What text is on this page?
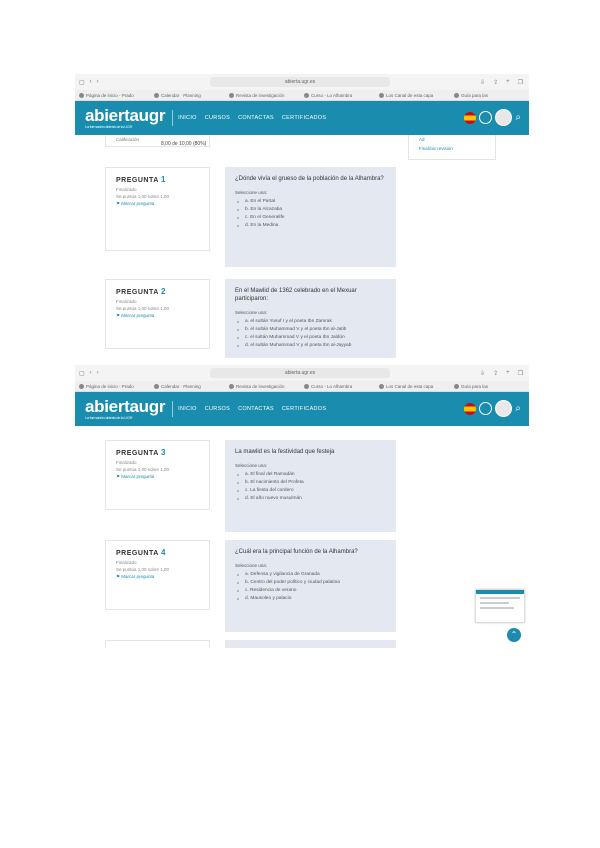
▢ ‹ ›	abierta.ugr.es	⇩ ⇪ + ❐
Página de inicio - Prado	Calendar · Planning	Revista de investigación	Curso - Lo Alhambra	Los Canal de esta capa	Guía para las
abiertaugr
La formación abierta de la UGR
INICIO CURSOS CONTACTAS CERTIFICADOS	⌕
Calificación
8,00 de 10,00 (80%)
Ad
Finalizar revisión
PREGUNTA 1
Finalizado
Se puntúa 1,00 sobre 1,00
⚑ Marcar pregunta
¿Dónde vivía el grueso de la población de la Alhambra?
Seleccione una:
a. En el Partal
b. En la Alcazaba
c. En el Generalife
d. En la Medina
PREGUNTA 2
Finalizado
Se puntúa 1,00 sobre 1,00
⚑ Marcar pregunta
En el Mawlid de 1362 celebrado en el Mexuar participaron:
Seleccione una:
a. el sultán Yusuf I y el poeta Ibn Zamrak
b. el sultán Muhammad V y el poeta Ibn al-Jatib
c. el sultán Muhammad V y el poeta Ibn Jaldún
d. el sultán Muhammad V y el poeta Ibn al-Jayyab
▢ ‹ ›	abierta.ugr.es	⇩ ⇪ + ❐
Página de inicio - Prado	Calendar · Planning	Revista de investigación	Curso - Lo Alhambra	Los Canal de esta capa	Guía para las
abiertaugr
La formación abierta de la UGR
INICIO CURSOS CONTACTAS CERTIFICADOS	⌕
PREGUNTA 3
Finalizado
Se puntúa 1,00 sobre 1,00
⚑ Marcar pregunta
La mawlid es la festividad que festeja
Seleccione una:
a. El final del Ramadán
b. El nacimiento del Profeta
c. La fiesta del cordero
d. El año nuevo musulmán
PREGUNTA 4
Finalizado
Se puntúa 1,00 sobre 1,00
⚑ Marcar pregunta
¿Cuál era la principal función de la Alhambra?
Seleccione una:
a. Defensa y vigilancia de Granada
b. Centro del poder político y ciudad palatina
c. Residencia de verano
d. Mausoleo y palacio
⌃
